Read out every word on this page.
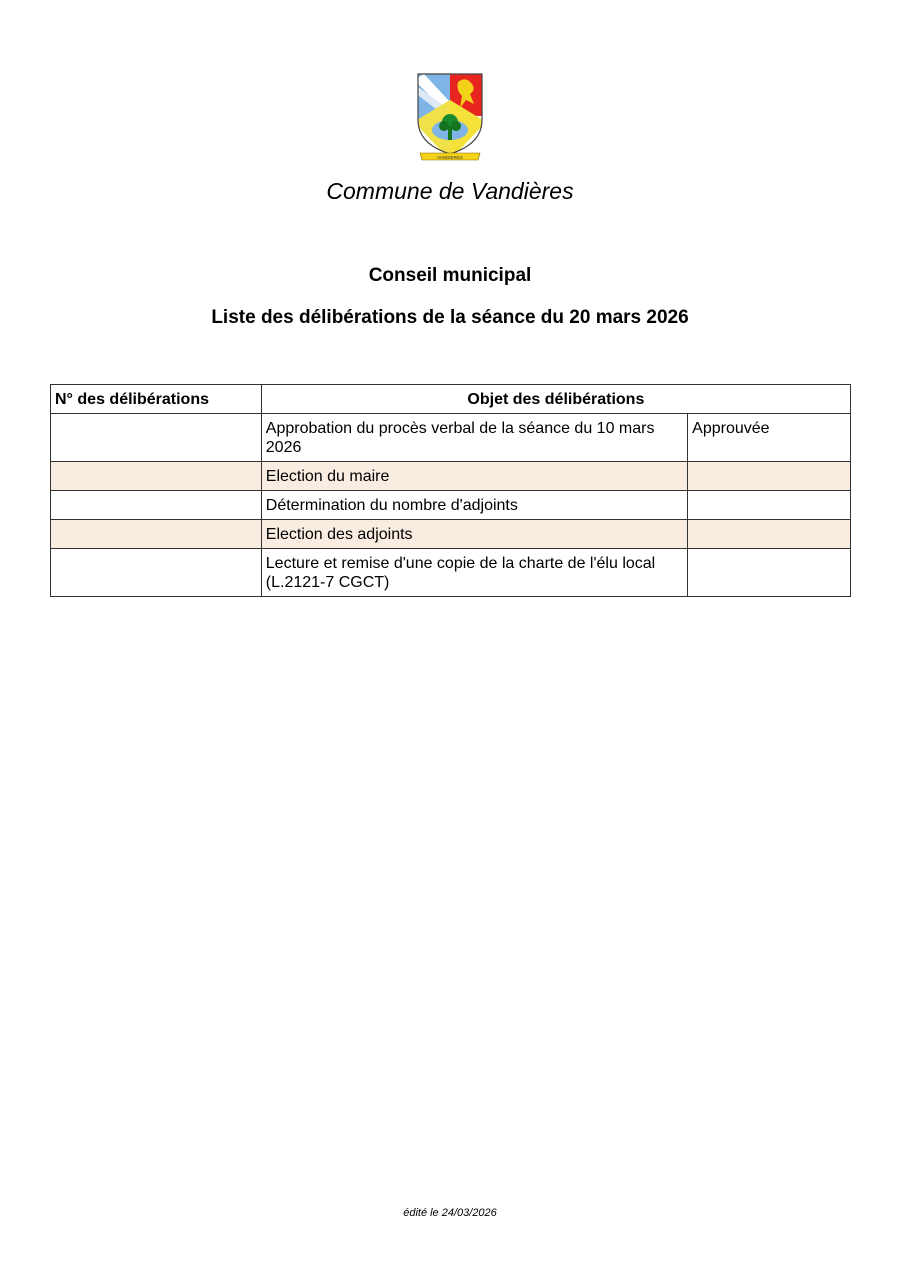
VANDIERES
Commune de Vandières
Conseil municipal
Liste des délibérations de la séance du 20 mars 2026
N° des délibérations	Objet des délibérations	
	Approbation du procès verbal de la séance du 10 mars 2026	Approuvée
	Election du maire	
	Détermination du nombre d'adjoints	
	Election des adjoints	
	Lecture et remise d'une copie de la charte de l'élu local (L.2121-7 CGCT)	
édité le 24/03/2026
